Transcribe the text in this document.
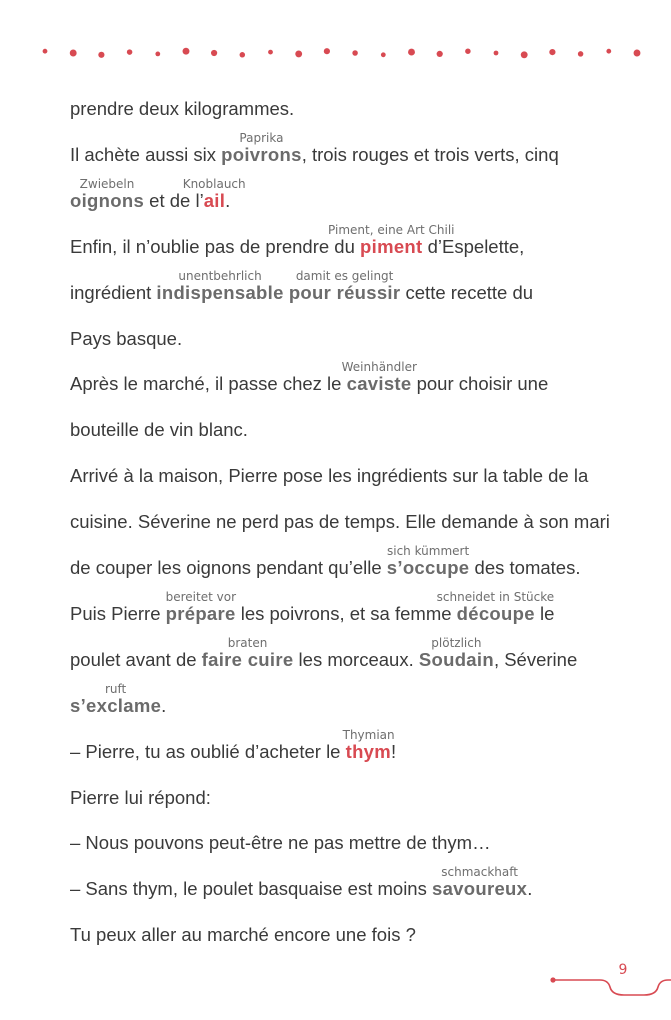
prendre deux kilogrammes.
Il achète aussi six poivrons
Paprika
, trois rouges et trois verts, cinq
oignons
Zwiebeln
et de l’ail
Knoblauch
.
Enfin, il n’oublie pas de prendre du piment
Piment, eine Art Chili
d’Espelette,
ingrédient indispensable
unentbehrlich
pour réussir
damit es gelingt
cette recette du
Pays basque.
Après le marché, il passe chez le caviste
Weinhändler
pour choisir une
bouteille de vin blanc.
Arrivé à la maison, Pierre pose les ingrédients sur la table de la
cuisine. Séverine ne perd pas de temps. Elle demande à son mari
de couper les oignons pendant qu’elle s’occupe
sich kümmert
des tomates.
Puis Pierre prépare
bereitet vor
les poivrons, et sa femme découpe
schneidet in Stücke
le
poulet avant de faire cuire
braten
les morceaux. Soudain
plötzlich
, Séverine
s’exclame
ruft
.
– Pierre, tu as oublié d’acheter le thym
Thymian
!
Pierre lui répond:
– Nous pouvons peut-être ne pas mettre de thym…
– Sans thym, le poulet basquaise est moins savoureux
schmackhaft
.
Tu peux aller au marché encore une fois ?
9
